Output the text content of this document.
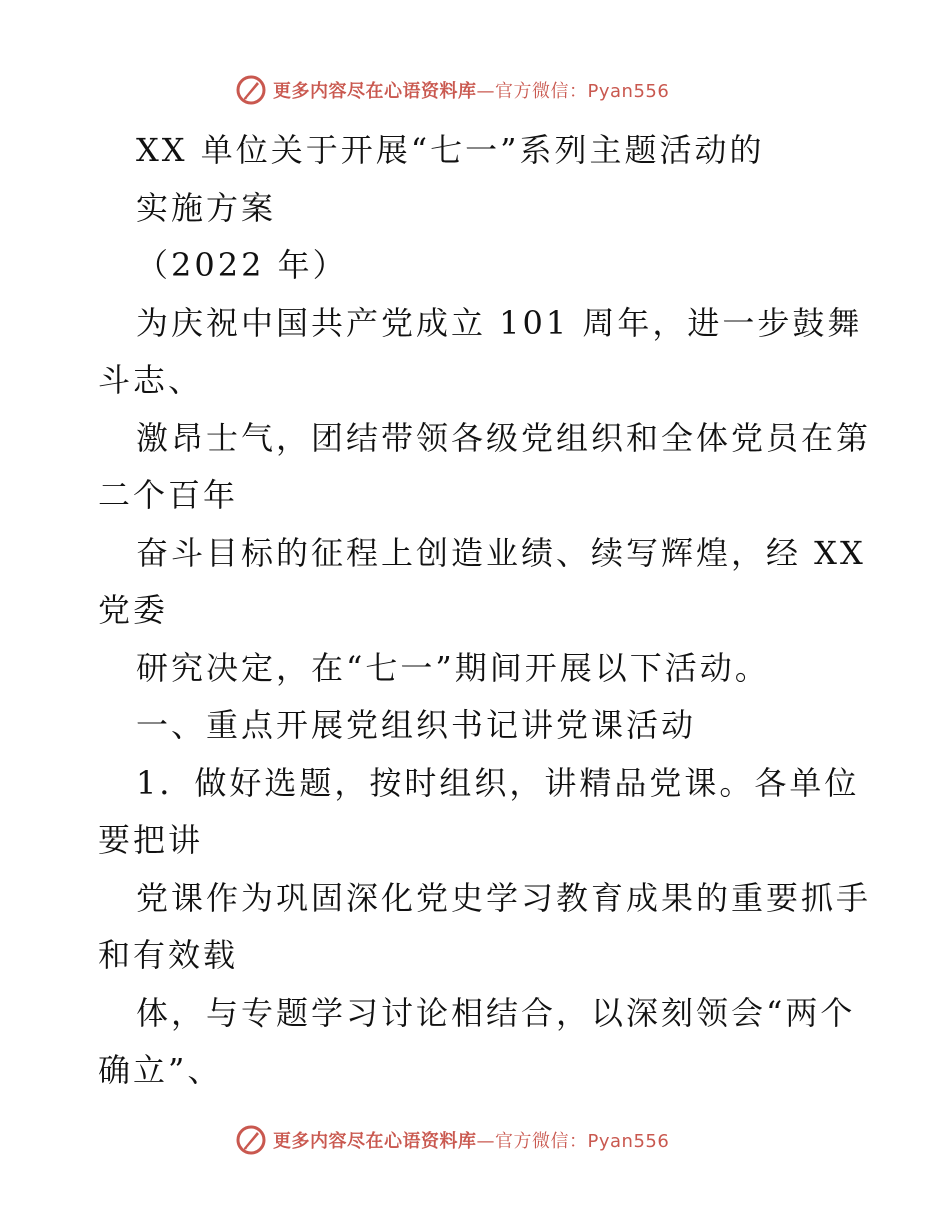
更多内容尽在心语资料库—官方微信：Pyan556
XX 单位关于开展“七一”系列主题活动的
实施方案
（2022 年）
为庆祝中国共产党成立 101 周年，进一步鼓舞
斗志、
激昂士气，团结带领各级党组织和全体党员在第
二个百年
奋斗目标的征程上创造业绩、续写辉煌，经 XX
党委
研究决定，在“七一”期间开展以下活动。
一、重点开展党组织书记讲党课活动
1．做好选题，按时组织，讲精品党课。各单位
要把讲
党课作为巩固深化党史学习教育成果的重要抓手
和有效载
体，与专题学习讨论相结合，以深刻领会“两个
确立”、
更多内容尽在心语资料库—官方微信：Pyan556
